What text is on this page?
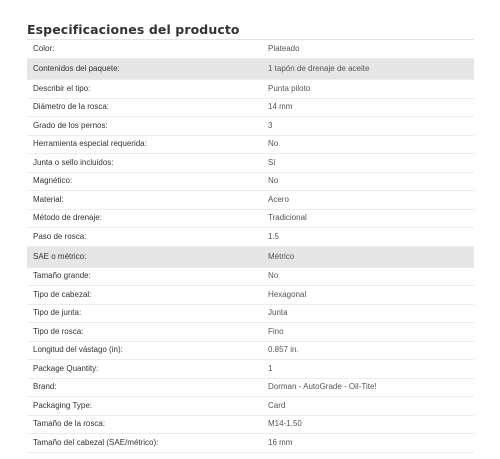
Especificaciones del producto
Color:	Plateado
Contenidos del paquete:	1 tapón de drenaje de aceite
Describir el tipo:	Punta piloto
Diámetro de la rosca:	14 mm
Grado de los pernos:	3
Herramienta especial requerida:	No
Junta o sello incluidos:	Sí
Magnético:	No
Material:	Acero
Método de drenaje:	Tradicional
Paso de rosca:	1.5
SAE o métrico:	Métrico
Tamaño grande:	No
Tipo de cabezal:	Hexagonal
Tipo de junta:	Junta
Tipo de rosca:	Fino
Longitud del vástago (in):	0.857 in.
Package Quantity:	1
Brand:	Dorman - AutoGrade - Oil-Tite!
Packaging Type:	Card
Tamaño de la rosca:	M14-1.50
Tamaño del cabezal (SAE/métrico):	16 mm
